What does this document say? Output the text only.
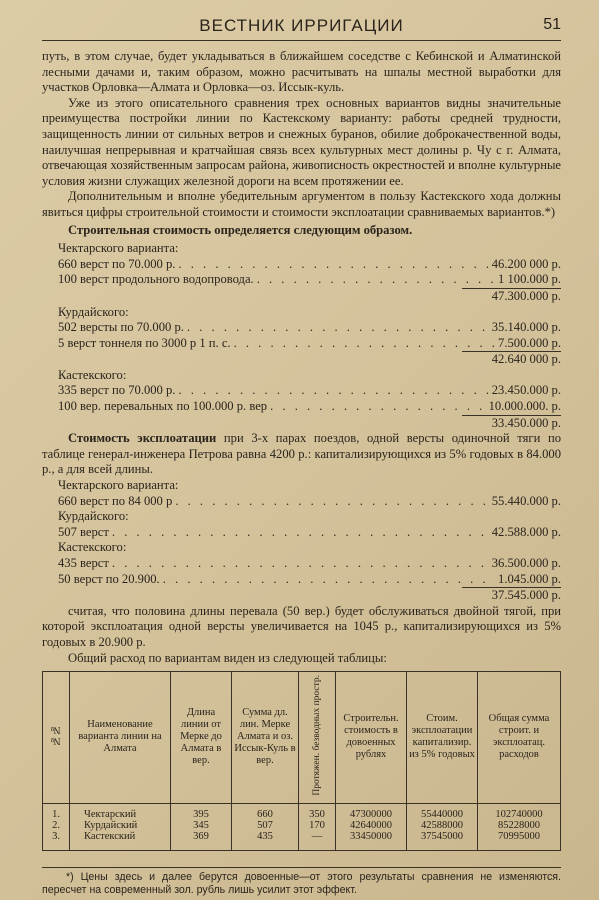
ВЕСТНИК ИРРИГАЦИИ	51

путь, в этом случае, будет укладываться в ближайшем соседстве с Кебинской и Алматинской лесными дачами и, таким образом, можно расчитывать на шпалы местной выработки для участков Орловка—Алмата и Орловка—оз. Иссык-куль.

Уже из этого описательного сравнения трех основных вариантов видны значительные преимущества постройки линии по Кастекскому варианту: работы средней трудности, защищенность линии от сильных ветров и снежных буранов, обилие доброкачественной воды, наилучшая непрерывная и кратчайшая связь всех культурных мест долины р. Чу с г. Алмата, отвечающая хозяйственным запросам района, живописность окрестностей и вполне культурные условия жизни служащих железной дороги на всем протяжении ее.

Дополнительным и вполне убедительным аргументом в пользу Кастекского хода должны явиться цифры строительной стоимости и стоимости эксплоатации сравниваемых вариантов.*)

Строительная стоимость определяется следующим образом.

Чектарского варианта:
660 верст по 70.000 р. . . .	46.200 000 р.
100 верст продольного водопровода. . . .	1 100.000 р.
47.300.000 р.
Курдайского:
502 версты по 70.000 р. . . .	35.140.000 р.
5 верст тоннеля по 3000 р 1 п. с. . . .	7.500.000 р.
42.640 000 р.
Кастекского:
335 верст по 70.000 р. . . .	23.450.000 р.
100 вер. перевальных по 100.000 р. вер . . .	10.000.000. р.
33.450.000 р.

Стоимость эксплоатации при 3-х парах поездов, одной версты одиночной тяги по таблице генерал-инженера Петрова равна 4200 р.: капитализирующихся из 5% годовых в 84.000 р., а для всей длины.

Чектарского варианта:
660 верст по 84 000 р . . .	55.440.000 р.
Курдайского:
507 верст . . .	42.588.000 р.
Кастекского:
435 верст . . .	36.500.000 р.
50 верст по 20.900. . . .	1.045.000 р.
37.545.000 р.

считая, что половина длины перевала (50 вер.) будет обслуживаться двойной тягой, при которой эксплоатация одной версты увеличивается на 1045 р., капитализирующихся из 5% годовых в 20.900 р.

Общий расход по вариантам виден из следующей таблицы:

№№	Наименование варианта линии на Алмата	Длина линии от Мерке до Алмата в вер.	Сумма дл. лин. Мерке Алмата и оз. Иссык-Куль в вер.	Протяжен. безводных простр.	Строительн. стоимость в довоенных рублях	Стоим. эксплоатации капитализир. из 5% годовых	Общая сумма строит. и эксплоатац. расходов
1.	Чектарский	395	660	350	47300000	55440000	102740000
2.	Курдайский	345	507	170	42640000	42588000	85228000
3.	Кастекский	369	435	—	33450000	37545000	70995000
*) Цены здесь и далее берутся довоенные—от этого результаты сравнения не изменяются. пересчет на современный зол. рубль лишь усилит этот эффект.
